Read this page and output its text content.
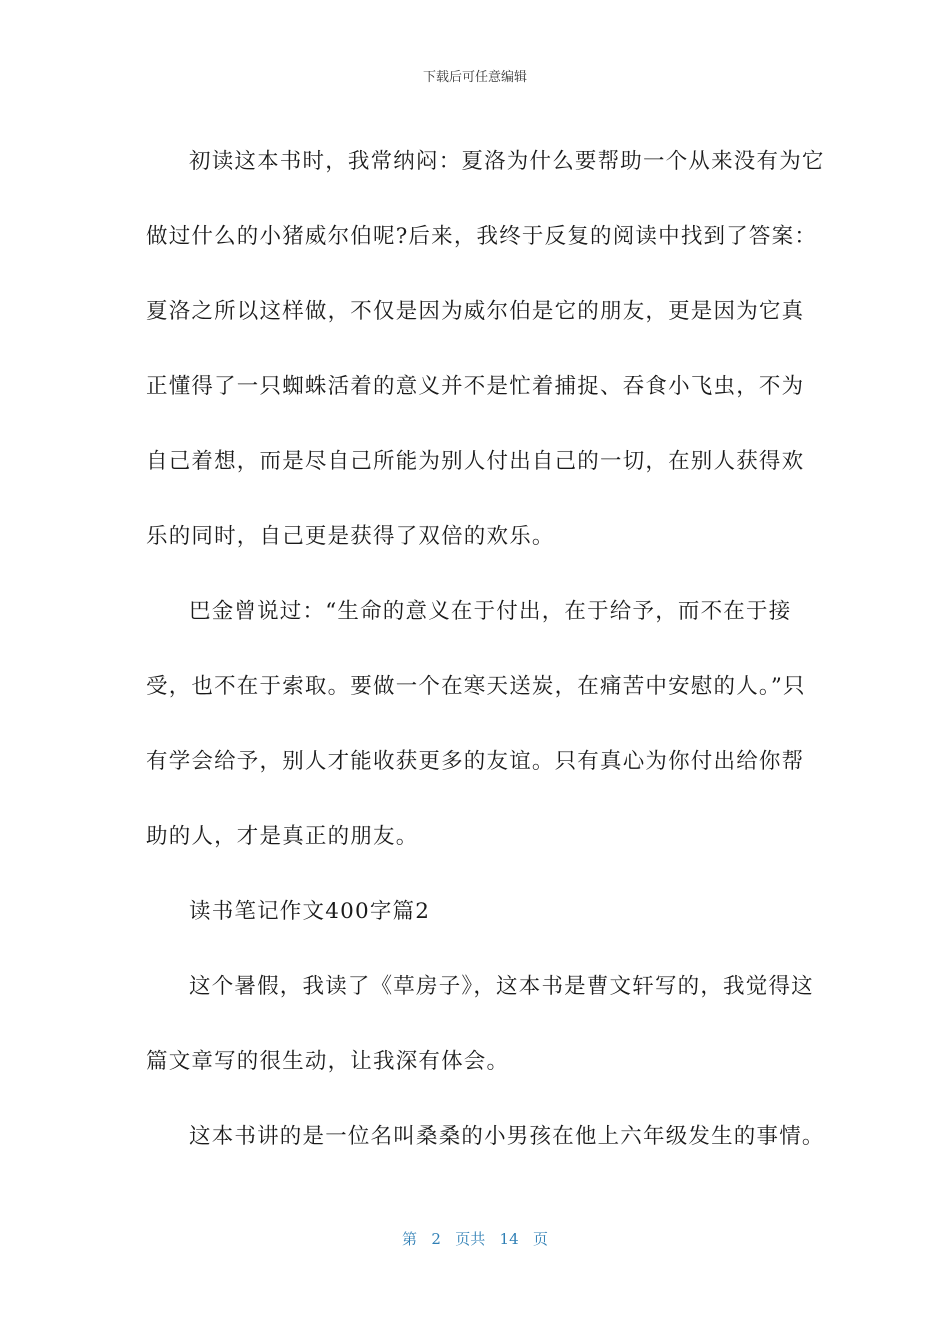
下载后可任意编辑

初读这本书时，我常纳闷：夏洛为什么要帮助一个从来没有为它做过什么的小猪威尔伯呢?后来，我终于反复的阅读中找到了答案：夏洛之所以这样做，不仅是因为威尔伯是它的朋友，更是因为它真正懂得了一只蜘蛛活着的意义并不是忙着捕捉、吞食小飞虫，不为自己着想，而是尽自己所能为别人付出自己的一切，在别人获得欢乐的同时，自己更是获得了双倍的欢乐。

巴金曾说过：“生命的意义在于付出，在于给予，而不在于接受，也不在于索取。要做一个在寒天送炭，在痛苦中安慰的人。”只有学会给予，别人才能收获更多的友谊。只有真心为你付出给你帮助的人，才是真正的朋友。

读书笔记作文400字篇2

这个暑假，我读了《草房子》，这本书是曹文轩写的，我觉得这篇文章写的很生动，让我深有体会。

这本书讲的是一位名叫桑桑的小男孩在他上六年级发生的事情。

第 2 页共 14 页
